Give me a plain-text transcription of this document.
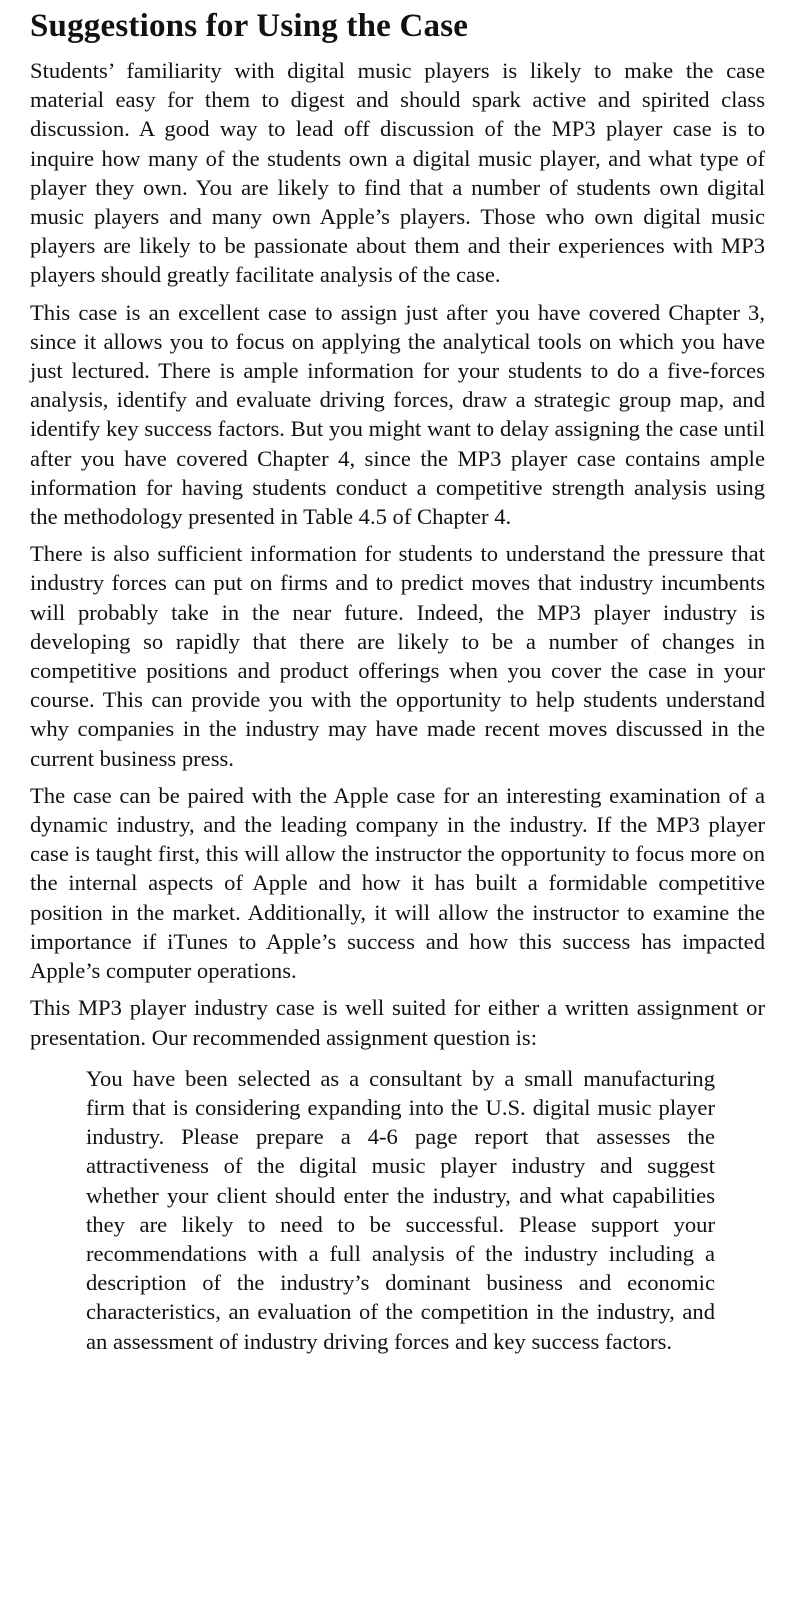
Suggestions for Using the Case

Students’ familiarity with digital music players is likely to make the case material easy for them to digest and should spark active and spirited class discussion. A good way to lead off discussion of the MP3 player case is to inquire how many of the students own a digital music player, and what type of player they own. You are likely to find that a number of students own digital music players and many own Apple’s players. Those who own digital music players are likely to be passionate about them and their experiences with MP3 players should greatly facilitate analysis of the case.

This case is an excellent case to assign just after you have covered Chapter 3, since it allows you to focus on applying the analytical tools on which you have just lectured. There is ample information for your students to do a five-forces analysis, identify and evaluate driving forces, draw a strategic group map, and identify key success factors. But you might want to delay assigning the case until after you have covered Chapter 4, since the MP3 player case contains ample information for having students conduct a competitive strength analysis using the methodology presented in Table 4.5 of Chapter 4.

There is also sufficient information for students to understand the pressure that industry forces can put on firms and to predict moves that industry incumbents will probably take in the near future. Indeed, the MP3 player industry is developing so rapidly that there are likely to be a number of changes in competitive positions and product offerings when you cover the case in your course. This can provide you with the opportunity to help students understand why companies in the industry may have made recent moves discussed in the current business press.

The case can be paired with the Apple case for an interesting examination of a dynamic industry, and the leading company in the industry. If the MP3 player case is taught first, this will allow the instructor the opportunity to focus more on the internal aspects of Apple and how it has built a formidable competitive position in the market. Additionally, it will allow the instructor to examine the importance if iTunes to Apple’s success and how this success has impacted Apple’s computer operations.

This MP3 player industry case is well suited for either a written assignment or presentation. Our recommended assignment question is:

You have been selected as a consultant by a small manufacturing firm that is considering expanding into the U.S. digital music player industry. Please prepare a 4-6 page report that assesses the attractiveness of the digital music player industry and suggest whether your client should enter the industry, and what capabilities they are likely to need to be successful. Please support your recommendations with a full analysis of the industry including a description of the industry’s dominant business and economic characteristics, an evaluation of the competition in the industry, and an assessment of industry driving forces and key success factors.
